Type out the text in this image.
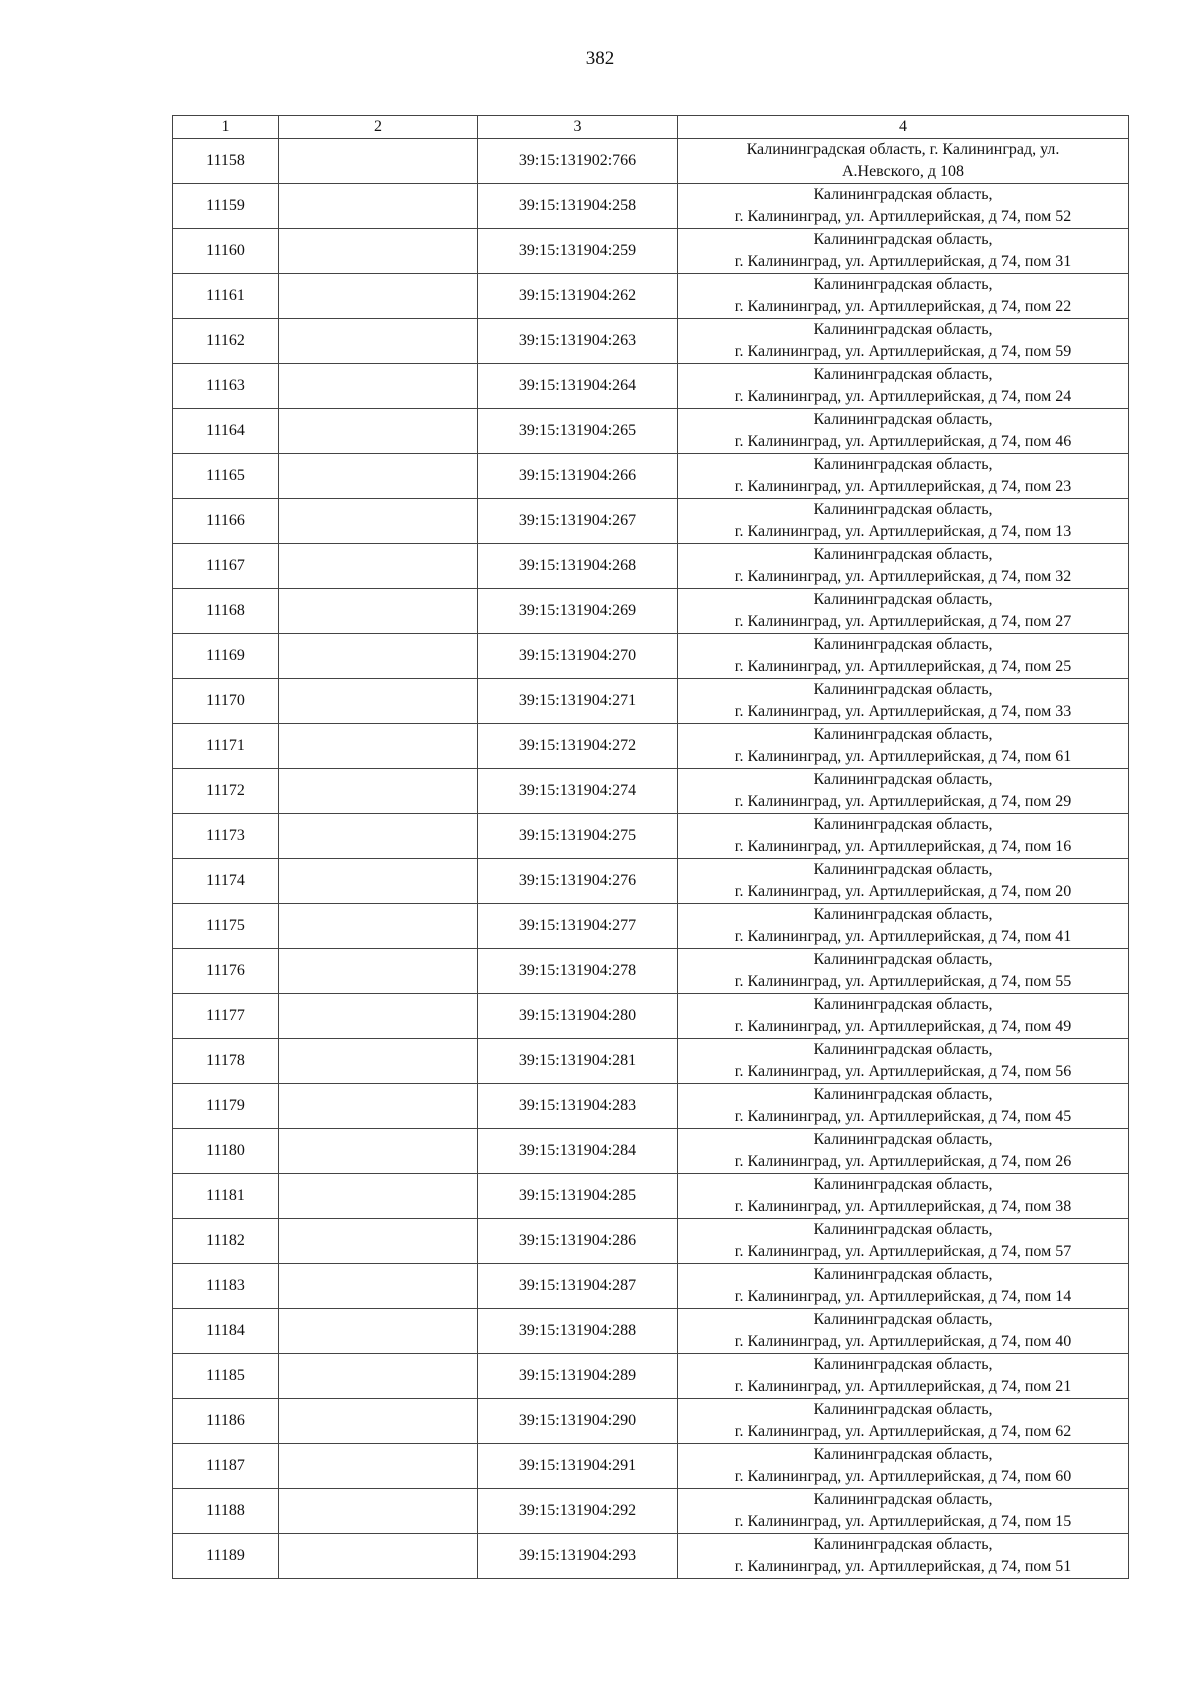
382
1	2	3	4
11158		39:15:131902:766	Калининградская область, г. Калининград, ул.
А.Невского, д 108

11159		39:15:131904:258	Калининградская область,
г. Калининград, ул. Артиллерийская, д 74, пом 52

11160		39:15:131904:259	Калининградская область,
г. Калининград, ул. Артиллерийская, д 74, пом 31

11161		39:15:131904:262	Калининградская область,
г. Калининград, ул. Артиллерийская, д 74, пом 22

11162		39:15:131904:263	Калининградская область,
г. Калининград, ул. Артиллерийская, д 74, пом 59

11163		39:15:131904:264	Калининградская область,
г. Калининград, ул. Артиллерийская, д 74, пом 24

11164		39:15:131904:265	Калининградская область,
г. Калининград, ул. Артиллерийская, д 74, пом 46

11165		39:15:131904:266	Калининградская область,
г. Калининград, ул. Артиллерийская, д 74, пом 23

11166		39:15:131904:267	Калининградская область,
г. Калининград, ул. Артиллерийская, д 74, пом 13

11167		39:15:131904:268	Калининградская область,
г. Калининград, ул. Артиллерийская, д 74, пом 32

11168		39:15:131904:269	Калининградская область,
г. Калининград, ул. Артиллерийская, д 74, пом 27

11169		39:15:131904:270	Калининградская область,
г. Калининград, ул. Артиллерийская, д 74, пом 25

11170		39:15:131904:271	Калининградская область,
г. Калининград, ул. Артиллерийская, д 74, пом 33

11171		39:15:131904:272	Калининградская область,
г. Калининград, ул. Артиллерийская, д 74, пом 61

11172		39:15:131904:274	Калининградская область,
г. Калининград, ул. Артиллерийская, д 74, пом 29

11173		39:15:131904:275	Калининградская область,
г. Калининград, ул. Артиллерийская, д 74, пом 16

11174		39:15:131904:276	Калининградская область,
г. Калининград, ул. Артиллерийская, д 74, пом 20

11175		39:15:131904:277	Калининградская область,
г. Калининград, ул. Артиллерийская, д 74, пом 41

11176		39:15:131904:278	Калининградская область,
г. Калининград, ул. Артиллерийская, д 74, пом 55

11177		39:15:131904:280	Калининградская область,
г. Калининград, ул. Артиллерийская, д 74, пом 49

11178		39:15:131904:281	Калининградская область,
г. Калининград, ул. Артиллерийская, д 74, пом 56

11179		39:15:131904:283	Калининградская область,
г. Калининград, ул. Артиллерийская, д 74, пом 45

11180		39:15:131904:284	Калининградская область,
г. Калининград, ул. Артиллерийская, д 74, пом 26

11181		39:15:131904:285	Калининградская область,
г. Калининград, ул. Артиллерийская, д 74, пом 38

11182		39:15:131904:286	Калининградская область,
г. Калининград, ул. Артиллерийская, д 74, пом 57

11183		39:15:131904:287	Калининградская область,
г. Калининград, ул. Артиллерийская, д 74, пом 14

11184		39:15:131904:288	Калининградская область,
г. Калининград, ул. Артиллерийская, д 74, пом 40

11185		39:15:131904:289	Калининградская область,
г. Калининград, ул. Артиллерийская, д 74, пом 21

11186		39:15:131904:290	Калининградская область,
г. Калининград, ул. Артиллерийская, д 74, пом 62

11187		39:15:131904:291	Калининградская область,
г. Калининград, ул. Артиллерийская, д 74, пом 60

11188		39:15:131904:292	Калининградская область,
г. Калининград, ул. Артиллерийская, д 74, пом 15

11189		39:15:131904:293	Калининградская область,
г. Калининград, ул. Артиллерийская, д 74, пом 51
